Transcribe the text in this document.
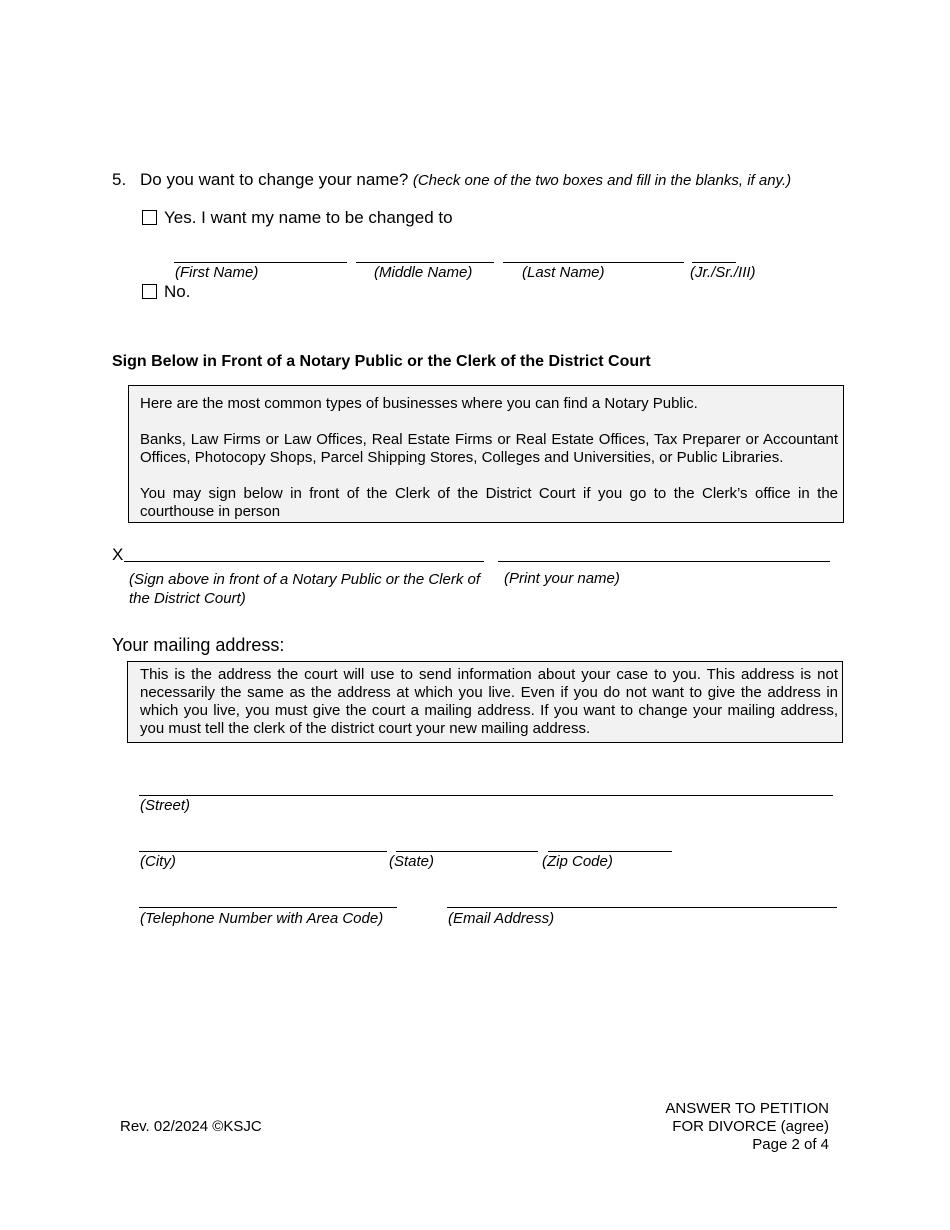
5. Do you want to change your name? (Check one of the two boxes and fill in the blanks, if any.)
Yes. I want my name to be changed to
(First Name)	(Middle Name)	(Last Name)	(Jr./Sr./III)
No.
Sign Below in Front of a Notary Public or the Clerk of the District Court

Here are the most common types of businesses where you can find a Notary Public.

Banks, Law Firms or Law Offices, Real Estate Firms or Real Estate Offices, Tax Preparer or Accountant Offices, Photocopy Shops, Parcel Shipping Stores, Colleges and Universities, or Public Libraries.

You may sign below in front of the Clerk of the District Court if you go to the Clerk’s office in the courthouse in person

X
(Sign above in front of a Notary Public or the Clerk of the District Court)
(Print your name)
Your mailing address:

This is the address the court will use to send information about your case to you. This address is not necessarily the same as the address at which you live. Even if you do not want to give the address in which you live, you must give the court a mailing address. If you want to change your mailing address, you must tell the clerk of the district court your new mailing address.

(Street)
(City)	(State)	(Zip Code)
(Telephone Number with Area Code)	(Email Address)
Rev. 02/2024 ©KSJC
ANSWER TO PETITION
FOR DIVORCE (agree)
Page 2 of 4
